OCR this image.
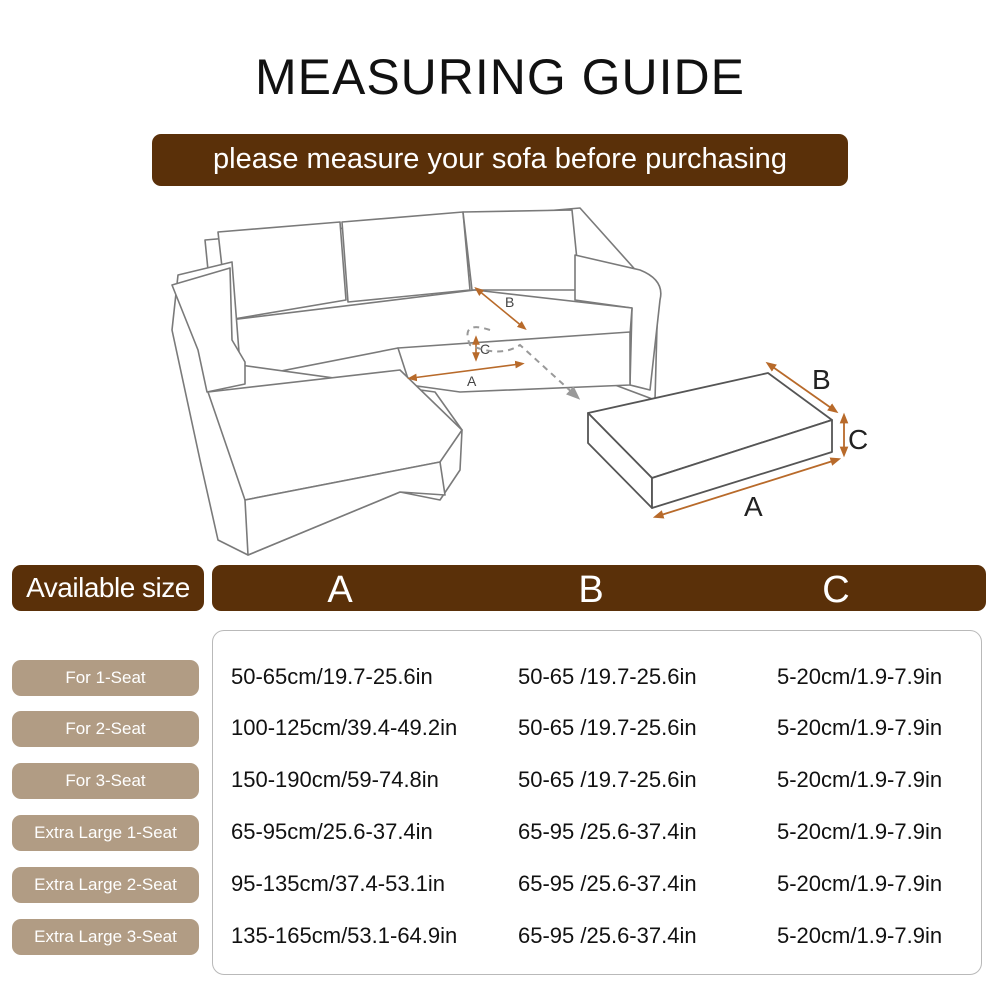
MEASURING GUIDE
please measure your sofa before purchasing
B
C
A	B
C
A
Available size	A	B	C
For 1-Seat	50-65cm/19.7-25.6in	50-65 /19.7-25.6in	5-20cm/1.9-7.9in
For 2-Seat	100-125cm/39.4-49.2in	50-65 /19.7-25.6in	5-20cm/1.9-7.9in
For 3-Seat	150-190cm/59-74.8in	50-65 /19.7-25.6in	5-20cm/1.9-7.9in
Extra Large 1-Seat	65-95cm/25.6-37.4in	65-95 /25.6-37.4in	5-20cm/1.9-7.9in
Extra Large 2-Seat	95-135cm/37.4-53.1in	65-95 /25.6-37.4in	5-20cm/1.9-7.9in
Extra Large 3-Seat	135-165cm/53.1-64.9in	65-95 /25.6-37.4in	5-20cm/1.9-7.9in
